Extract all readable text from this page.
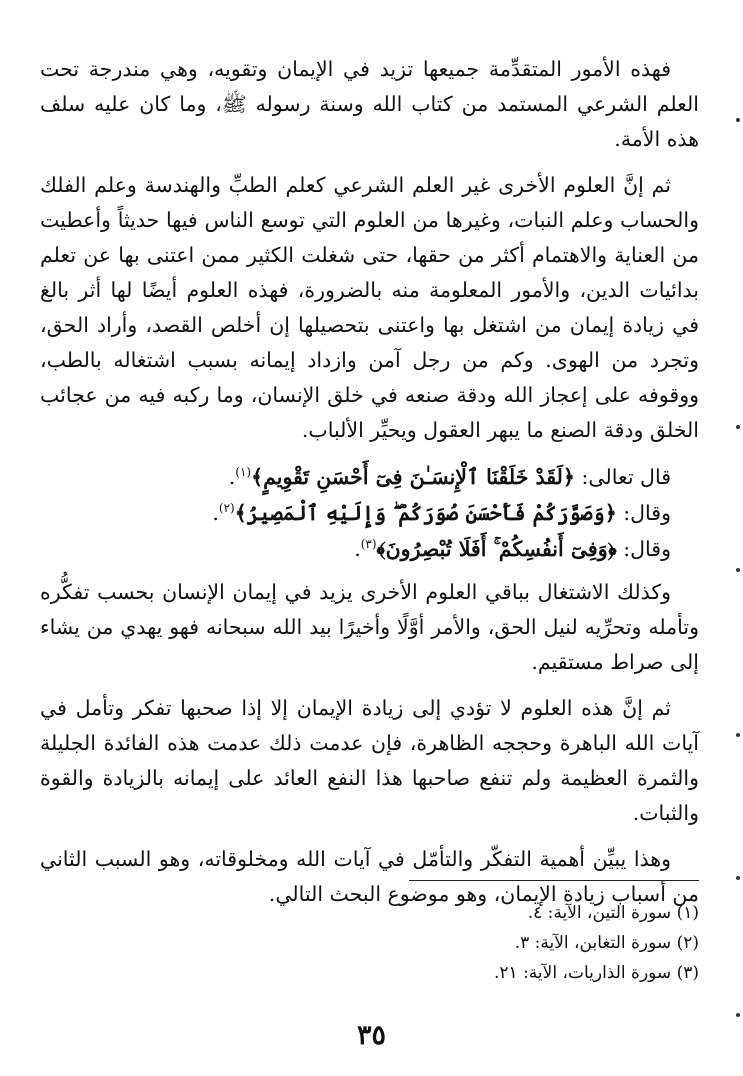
فهذه الأمور المتقدِّمة جميعها تزيد في الإيمان وتقويه، وهي مندرجة تحت العلم الشرعي المستمد من كتاب الله وسنة رسوله ﷺ، وما كان عليه سلف هذه الأمة.

ثم إنَّ العلوم الأخرى غير العلم الشرعي كعلم الطبِّ والهندسة وعلم الفلك والحساب وعلم النبات، وغيرها من العلوم التي توسع الناس فيها حديثاً وأعطيت من العناية والاهتمام أكثر من حقها، حتى شغلت الكثير ممن اعتنى بها عن تعلم بدائيات الدين، والأمور المعلومة منه بالضرورة، فهذه العلوم أيضًا لها أثر بالغ في زيادة إيمان من اشتغل بها واعتنى بتحصيلها إن أخلص القصد، وأراد الحق، وتجرد من الهوى. وكم من رجل آمن وازداد إيمانه بسبب اشتغاله بالطب، ووقوفه على إعجاز الله ودقة صنعه في خلق الإنسان، وما ركبه فيه من عجائب الخلق ودقة الصنع ما يبهر العقول ويحيِّر الألباب.

قال تعالى: ﴿لَقَدْ خَلَقْنَا ٱلْإِنسَـٰنَ فِىٓ أَحْسَنِ تَقْوِيمٍ﴾$^{(١)}$.

وقال: ﴿وَصَوَّرَكُمْ فَأَحْسَنَ صُوَرَكُمْ ۖ وَإِلَيْهِ ٱلْمَصِيرُ﴾$^{(٢)}$.

وقال: ﴿وَفِىٓ أَنفُسِكُمْ ۚ أَفَلَا تُبْصِرُونَ﴾$^{(٣)}$.

وكذلك الاشتغال بباقي العلوم الأخرى يزيد في إيمان الإنسان بحسب تفكُّره وتأمله وتحرِّيه لنيل الحق، والأمر أوَّلًا وأخيرًا بيد الله سبحانه فهو يهدي من يشاء إلى صراط مستقيم.

ثم إنَّ هذه العلوم لا تؤدي إلى زيادة الإيمان إلا إذا صحبها تفكر وتأمل في آيات الله الباهرة وحججه الظاهرة، فإن عدمت ذلك عدمت هذه الفائدة الجليلة والثمرة العظيمة ولم تنفع صاحبها هذا النفع العائد على إيمانه بالزيادة والقوة والثبات.

وهذا يبيِّن أهمية التفكّر والتأمّل في آيات الله ومخلوقاته، وهو السبب الثاني من أسباب زيادة الإيمان، وهو موضوع البحث التالي.

(١) سورة التين، الآية: ٤.

(٢) سورة التغابن، الآية: ٣.

(٣) سورة الذاريات، الآية: ٢١.

٣٥
